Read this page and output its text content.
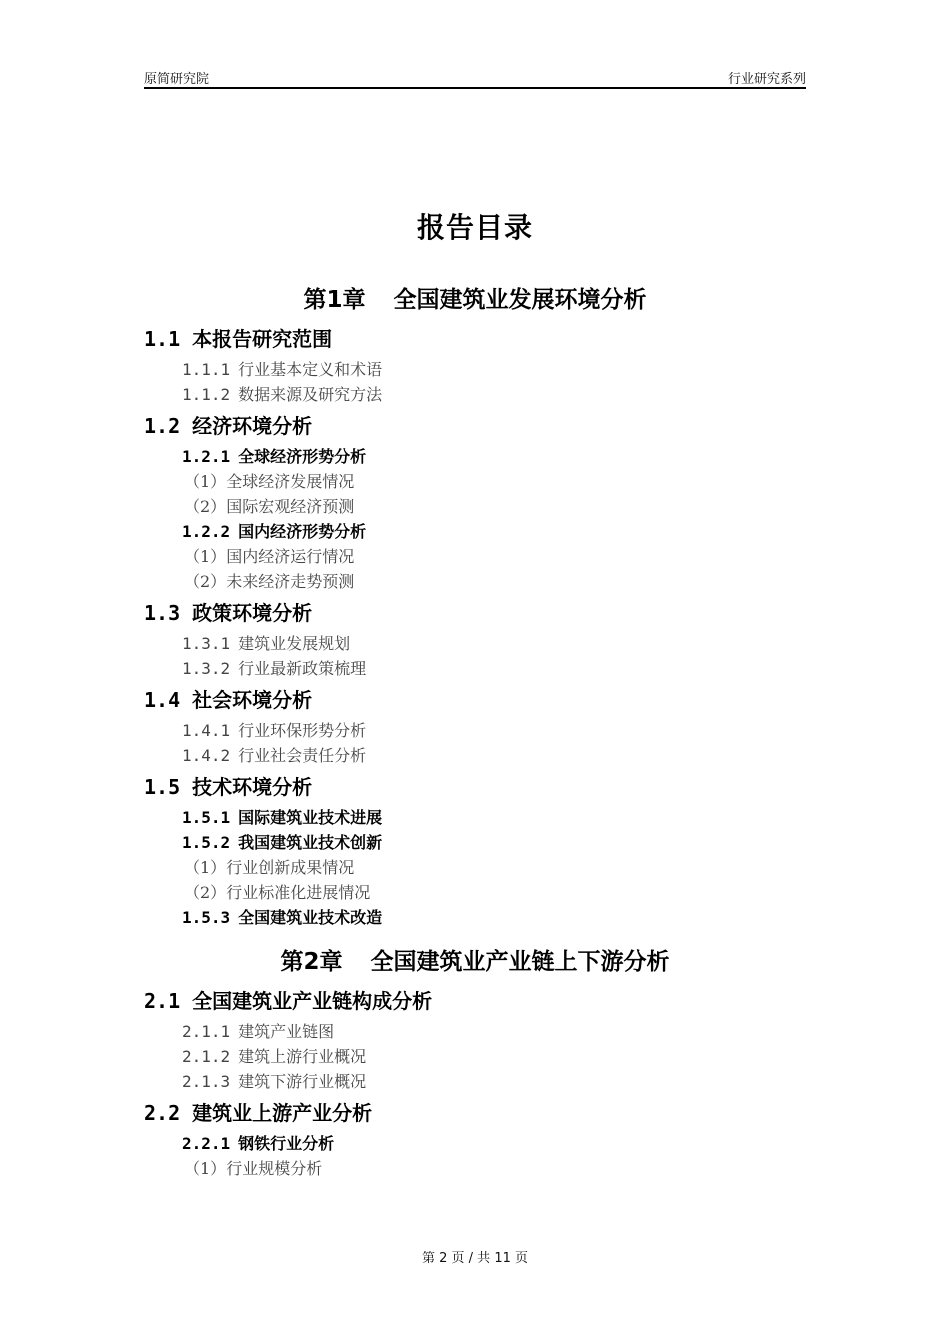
原简研究院	行业研究系列
报告目录
第1章 全国建筑业发展环境分析
1.1 本报告研究范围
1.1.1 行业基本定义和术语
1.1.2 数据来源及研究方法
1.2 经济环境分析
1.2.1 全球经济形势分析
（1）全球经济发展情况
（2）国际宏观经济预测
1.2.2 国内经济形势分析
（1）国内经济运行情况
（2）未来经济走势预测
1.3 政策环境分析
1.3.1 建筑业发展规划
1.3.2 行业最新政策梳理
1.4 社会环境分析
1.4.1 行业环保形势分析
1.4.2 行业社会责任分析
1.5 技术环境分析
1.5.1 国际建筑业技术进展
1.5.2 我国建筑业技术创新
（1）行业创新成果情况
（2）行业标准化进展情况
1.5.3 全国建筑业技术改造
第2章 全国建筑业产业链上下游分析
2.1 全国建筑业产业链构成分析
2.1.1 建筑产业链图
2.1.2 建筑上游行业概况
2.1.3 建筑下游行业概况
2.2 建筑业上游产业分析
2.2.1 钢铁行业分析
（1）行业规模分析
第 2 页 / 共 11 页
